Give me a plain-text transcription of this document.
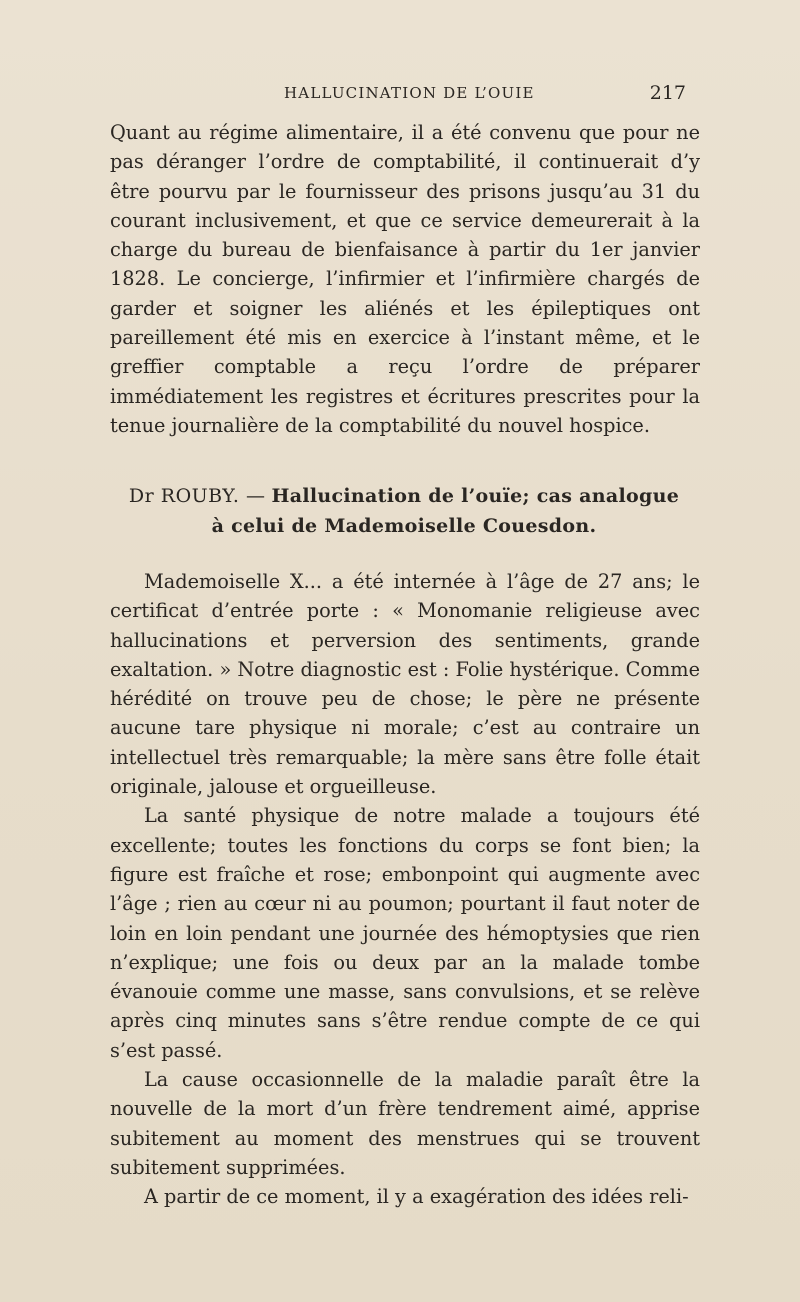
HALLUCINATION DE L’OUIE	217

Quant au régime alimentaire, il a été convenu que pour ne pas déranger l’ordre de comptabilité, il continuerait d’y être pourvu par le fournisseur des prisons jusqu’au 31 du courant inclusivement, et que ce service demeurerait à la charge du bureau de bienfaisance à partir du 1er janvier 1828. Le concierge, l’infirmier et l’infirmière chargés de garder et soigner les aliénés et les épileptiques ont pareillement été mis en exercice à l’instant même, et le greffier comptable a reçu l’ordre de préparer immédiatement les registres et écritures prescrites pour la tenue journalière de la comptabilité du nouvel hospice.

Dr ROUBY. — Hallucination de l’ouïe; cas analogue
à celui de Mademoiselle Couesdon.

Mademoiselle X... a été internée à l’âge de 27 ans; le certificat d’entrée porte : « Monomanie religieuse avec hallucinations et perversion des sentiments, grande exaltation. » Notre diagnostic est : Folie hystérique. Comme hérédité on trouve peu de chose; le père ne présente aucune tare physique ni morale; c’est au contraire un intellectuel très remarquable; la mère sans être folle était originale, jalouse et orgueilleuse.

La santé physique de notre malade a toujours été excellente; toutes les fonctions du corps se font bien; la figure est fraîche et rose; embonpoint qui augmente avec l’âge ; rien au cœur ni au poumon; pourtant il faut noter de loin en loin pendant une journée des hémoptysies que rien n’explique; une fois ou deux par an la malade tombe évanouie comme une masse, sans convulsions, et se relève après cinq minutes sans s’être rendue compte de ce qui s’est passé.

La cause occasionnelle de la maladie paraît être la nouvelle de la mort d’un frère tendrement aimé, apprise subitement au moment des menstrues qui se trouvent subitement supprimées.

A partir de ce moment, il y a exagération des idées reli-
